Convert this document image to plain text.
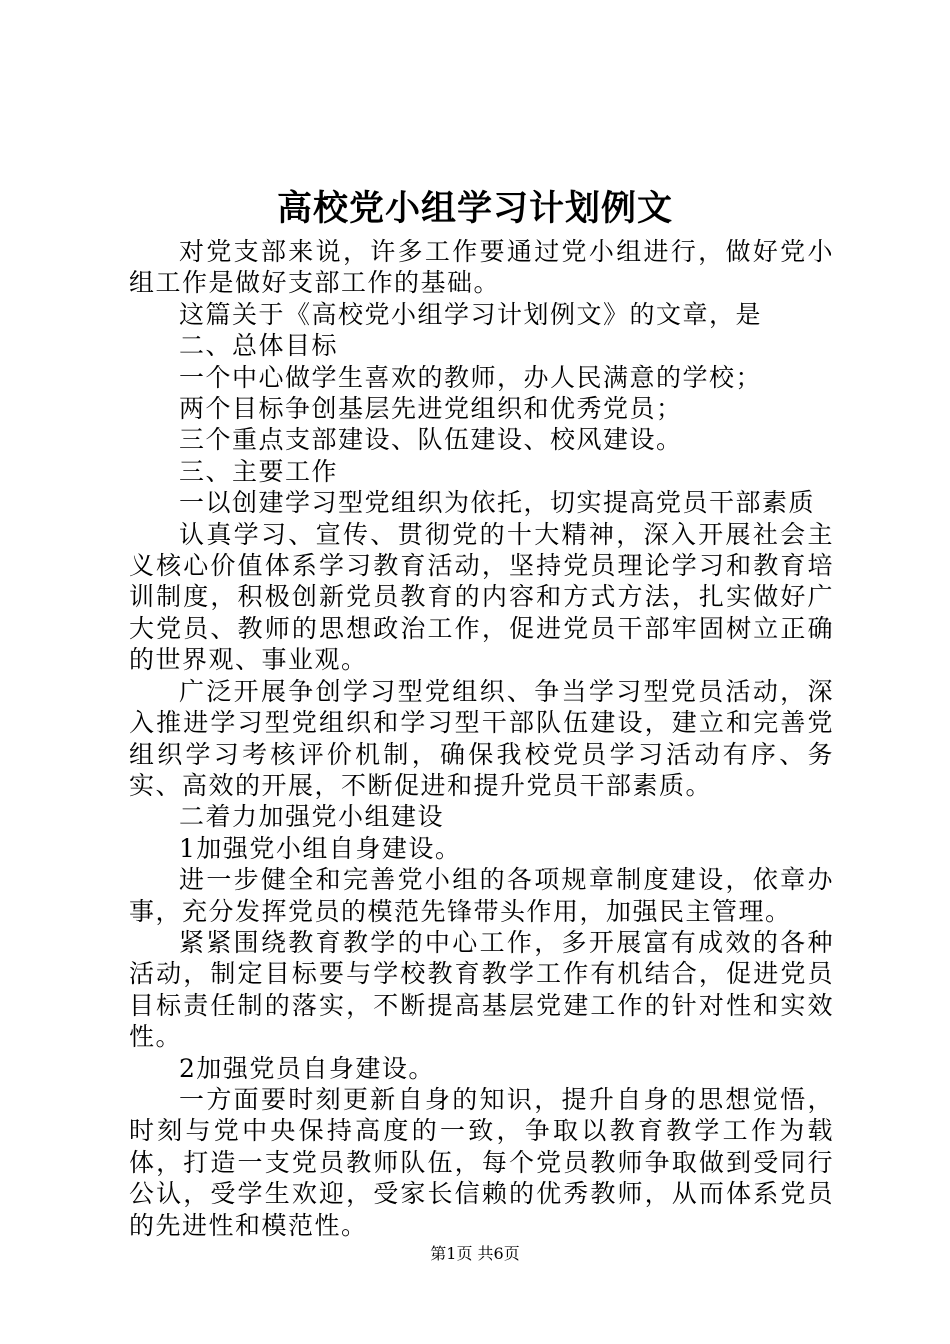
高校党小组学习计划例文

对党支部来说，许多工作要通过党小组进行，做好党小组工作是做好支部工作的基础。

这篇关于《高校党小组学习计划例文》的文章，是

二、总体目标

一个中心做学生喜欢的教师，办人民满意的学校；

两个目标争创基层先进党组织和优秀党员；

三个重点支部建设、队伍建设、校风建设。

三、主要工作

一以创建学习型党组织为依托，切实提高党员干部素质

认真学习、宣传、贯彻党的十大精神，深入开展社会主义核心价值体系学习教育活动，坚持党员理论学习和教育培训制度，积极创新党员教育的内容和方式方法，扎实做好广大党员、教师的思想政治工作，促进党员干部牢固树立正确的世界观、事业观。

广泛开展争创学习型党组织、争当学习型党员活动，深入推进学习型党组织和学习型干部队伍建设，建立和完善党组织学习考核评价机制，确保我校党员学习活动有序、务实、高效的开展，不断促进和提升党员干部素质。

二着力加强党小组建设

1加强党小组自身建设。

进一步健全和完善党小组的各项规章制度建设，依章办事，充分发挥党员的模范先锋带头作用，加强民主管理。

紧紧围绕教育教学的中心工作，多开展富有成效的各种活动，制定目标要与学校教育教学工作有机结合，促进党员目标责任制的落实，不断提高基层党建工作的针对性和实效性。

2加强党员自身建设。

一方面要时刻更新自身的知识，提升自身的思想觉悟，时刻与党中央保持高度的一致，争取以教育教学工作为载体，打造一支党员教师队伍，每个党员教师争取做到受同行公认，受学生欢迎，受家长信赖的优秀教师，从而体系党员的先进性和模范性。

第1页 共6页
